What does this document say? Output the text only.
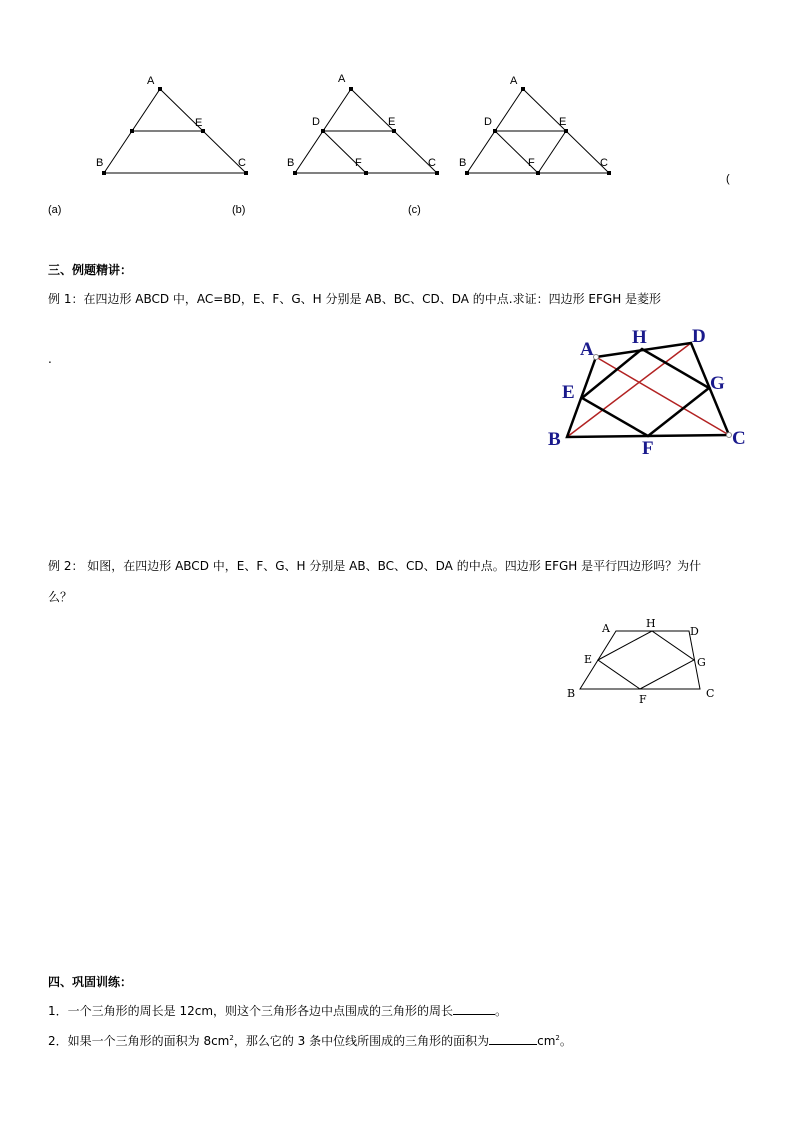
A
E
B	C
(a)
A
D	E
B	F	C
(b)
A
D	E
B	F	C
(c)
(
三、例题精讲：
例 1：在四边形 ABCD 中，AC=BD，E、F、G、H 分别是 AB、BC、CD、DA 的中点.求证：四边形 EFGH 是菱形
.	A
H D
E	G
B	F	C
例 2： 如图，在四边形 ABCD 中，E、F、G、H 分别是 AB、BC、CD、DA 的中点。四边形 EFGH 是平行四边形吗？为什
么？
A	H
D
E	G
B	F	C
四、巩固训练：
1．一个三角形的周长是 12cm，则这个三角形各边中点围成的三角形的周长	。
2．如果一个三角形的面积为 $8cm^2$，那么它的 3 条中位线所围成的三角形的面积为	$cm^2$。
